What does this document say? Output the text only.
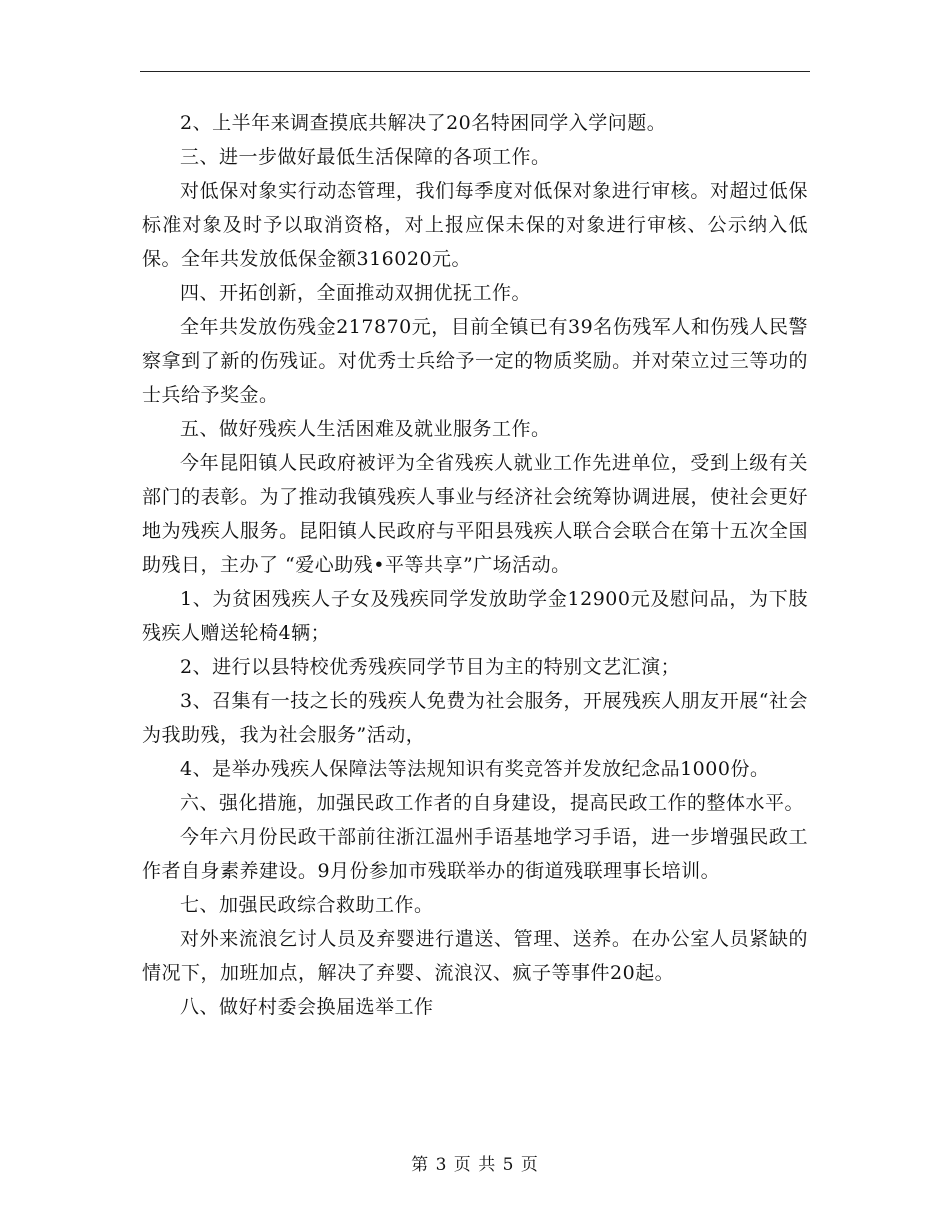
2、上半年来调查摸底共解决了20名特困同学入学问题。

三、进一步做好最低生活保障的各项工作。

对低保对象实行动态管理，我们每季度对低保对象进行审核。对超过低保标准对象及时予以取消资格，对上报应保未保的对象进行审核、公示纳入低保。全年共发放低保金额316020元。

四、开拓创新，全面推动双拥优抚工作。

全年共发放伤残金217870元，目前全镇已有39名伤残军人和伤残人民警察拿到了新的伤残证。对优秀士兵给予一定的物质奖励。并对荣立过三等功的士兵给予奖金。

五、做好残疾人生活困难及就业服务工作。

今年昆阳镇人民政府被评为全省残疾人就业工作先进单位，受到上级有关部门的表彰。为了推动我镇残疾人事业与经济社会统筹协调进展，使社会更好地为残疾人服务。昆阳镇人民政府与平阳县残疾人联合会联合在第十五次全国助残日，主办了 “爱心助残•平等共享”广场活动。

1、为贫困残疾人子女及残疾同学发放助学金12900元及慰问品，为下肢残疾人赠送轮椅4辆；

2、进行以县特校优秀残疾同学节目为主的特别文艺汇演；

3、召集有一技之长的残疾人免费为社会服务，开展残疾人朋友开展“社会为我助残，我为社会服务”活动，

4、是举办残疾人保障法等法规知识有奖竞答并发放纪念品1000份。

六、强化措施，加强民政工作者的自身建设，提高民政工作的整体水平。

今年六月份民政干部前往浙江温州手语基地学习手语，进一步增强民政工作者自身素养建设。9月份参加市残联举办的街道残联理事长培训。

七、加强民政综合救助工作。

对外来流浪乞讨人员及弃婴进行遣送、管理、送养。在办公室人员紧缺的情况下，加班加点，解决了弃婴、流浪汉、疯子等事件20起。

八、做好村委会换届选举工作

第 3 页 共 5 页
